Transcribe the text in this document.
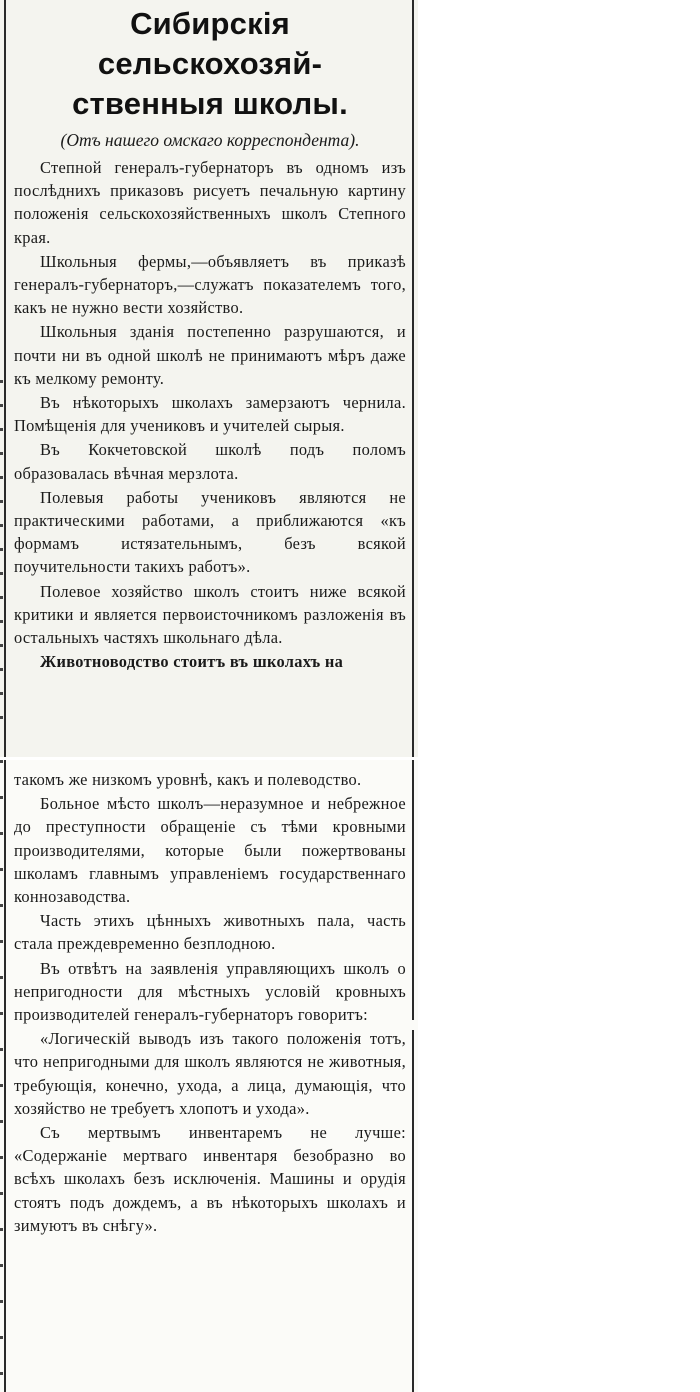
Сибирскія сельскохозяй-
ственныя школы.

(Отъ нашего омскаго корреспондента).

Степной генералъ-губернаторъ въ одномъ изъ послѣднихъ приказовъ рисуетъ печальную картину положенія сельскохозяйственныхъ школъ Степного края.

Школьныя фермы,—объявляетъ въ приказѣ генералъ-губернаторъ,—служатъ показателемъ того, какъ не нужно вести хозяйство.

Школьныя зданія постепенно разрушаются, и почти ни въ одной школѣ не принимаютъ мѣръ даже къ мелкому ремонту.

Въ нѣкоторыхъ школахъ замерзаютъ чернила. Помѣщенія для учениковъ и учителей сырыя.

Въ Кокчетовской школѣ подъ поломъ образовалась вѣчная мерзлота.

Полевыя работы учениковъ являются не практическими работами, а приближаются «къ формамъ истязательнымъ, безъ всякой поучительности такихъ работъ».

Полевое хозяйство школъ стоитъ ниже всякой критики и является первоисточникомъ разложенія въ остальныхъ частяхъ школьнаго дѣла.

Животноводство стоитъ въ школахъ на

такомъ же низкомъ уровнѣ, какъ и полеводство.

Больное мѣсто школъ—неразумное и небрежное до преступности обращеніе съ тѣми кровными производителями, которые были пожертвованы школамъ главнымъ управленіемъ государственнаго коннозаводства.

Часть этихъ цѣнныхъ животныхъ пала, часть стала преждевременно безплодною.

Въ отвѣтъ на заявленія управляющихъ школъ о непригодности для мѣстныхъ условій кровныхъ производителей генералъ-губернаторъ говоритъ:

«Логическій выводъ изъ такого положенія тотъ, что непригодными для школъ являются не животныя, требующія, конечно, ухода, а лица, думающія, что хозяйство не требуетъ хлопотъ и ухода».

Съ мертвымъ инвентаремъ не лучше: «Содержаніе мертваго инвентаря безобразно во всѣхъ школахъ безъ исключенія. Машины и орудія стоятъ подъ дождемъ, а въ нѣкоторыхъ школахъ и зимуютъ въ снѣгу».
